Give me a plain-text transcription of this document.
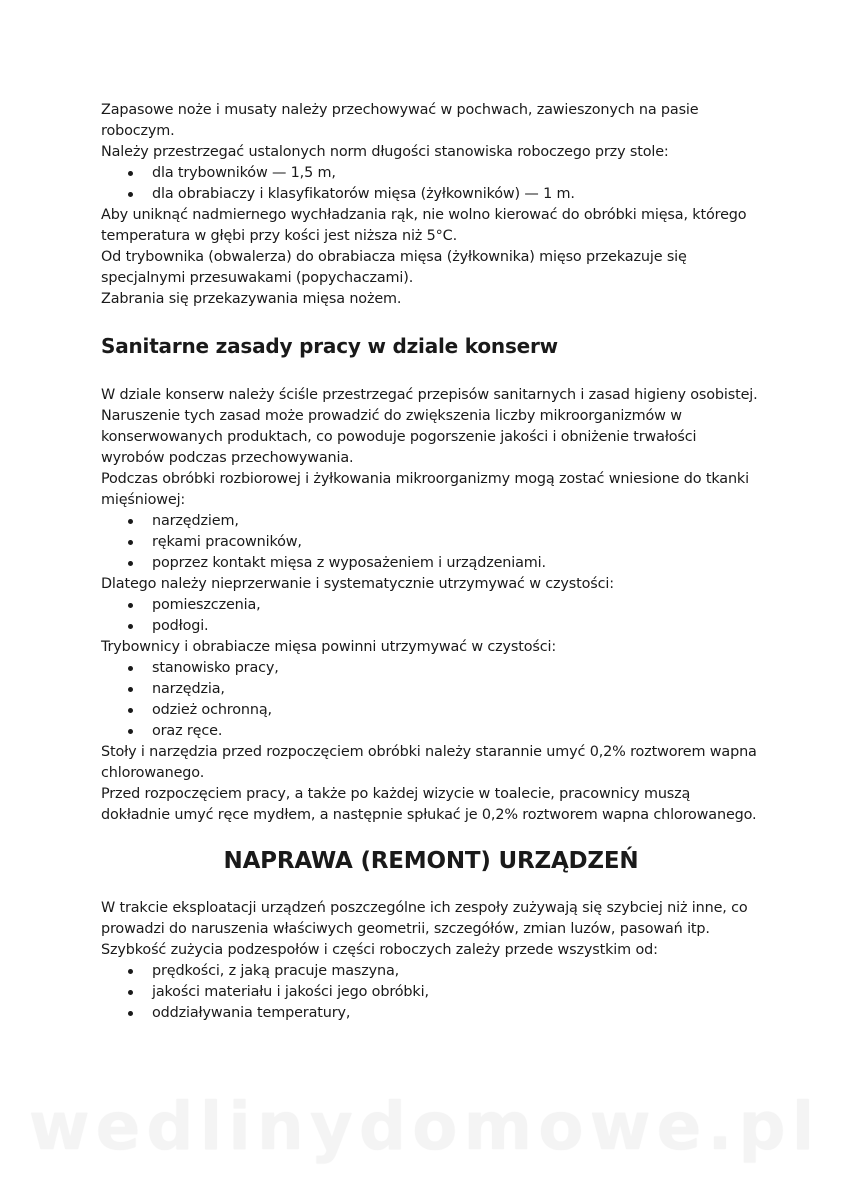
Zapasowe noże i musaty należy przechowywać w pochwach, zawieszonych na pasie roboczym.

Należy przestrzegać ustalonych norm długości stanowiska roboczego przy stole:

dla trybowników — 1,5 m,
dla obrabiaczy i klasyfikatorów mięsa (żyłkowników) — 1 m.

Aby uniknąć nadmiernego wychładzania rąk, nie wolno kierować do obróbki mięsa, którego temperatura w głębi przy kości jest niższa niż 5°C.

Od trybownika (obwalerza) do obrabiacza mięsa (żyłkownika) mięso przekazuje się specjalnymi przesuwakami (popychaczami).

Zabrania się przekazywania mięsa nożem.

Sanitarne zasady pracy w dziale konserw

W dziale konserw należy ściśle przestrzegać przepisów sanitarnych i zasad higieny osobistej.

Naruszenie tych zasad może prowadzić do zwiększenia liczby mikroorganizmów w konserwowanych produktach, co powoduje pogorszenie jakości i obniżenie trwałości wyrobów podczas przechowywania.

Podczas obróbki rozbiorowej i żyłkowania mikroorganizmy mogą zostać wniesione do tkanki mięśniowej:

narzędziem,
rękami pracowników,
poprzez kontakt mięsa z wyposażeniem i urządzeniami.

Dlatego należy nieprzerwanie i systematycznie utrzymywać w czystości:

pomieszczenia,
podłogi.

Trybownicy i obrabiacze mięsa powinni utrzymywać w czystości:

stanowisko pracy,
narzędzia,
odzież ochronną,
oraz ręce.

Stoły i narzędzia przed rozpoczęciem obróbki należy starannie umyć 0,2% roztworem wapna chlorowanego.

Przed rozpoczęciem pracy, a także po każdej wizycie w toalecie, pracownicy muszą dokładnie umyć ręce mydłem, a następnie spłukać je 0,2% roztworem wapna chlorowanego.

NAPRAWA (REMONT) URZĄDZEŃ

W trakcie eksploatacji urządzeń poszczególne ich zespoły zużywają się szybciej niż inne, co prowadzi do naruszenia właściwych geometrii, szczegółów, zmian luzów, pasowań itp.

Szybkość zużycia podzespołów i części roboczych zależy przede wszystkim od:

prędkości, z jaką pracuje maszyna,
jakości materiału i jakości jego obróbki,
oddziaływania temperatury,
wedlinydomowe.pl
